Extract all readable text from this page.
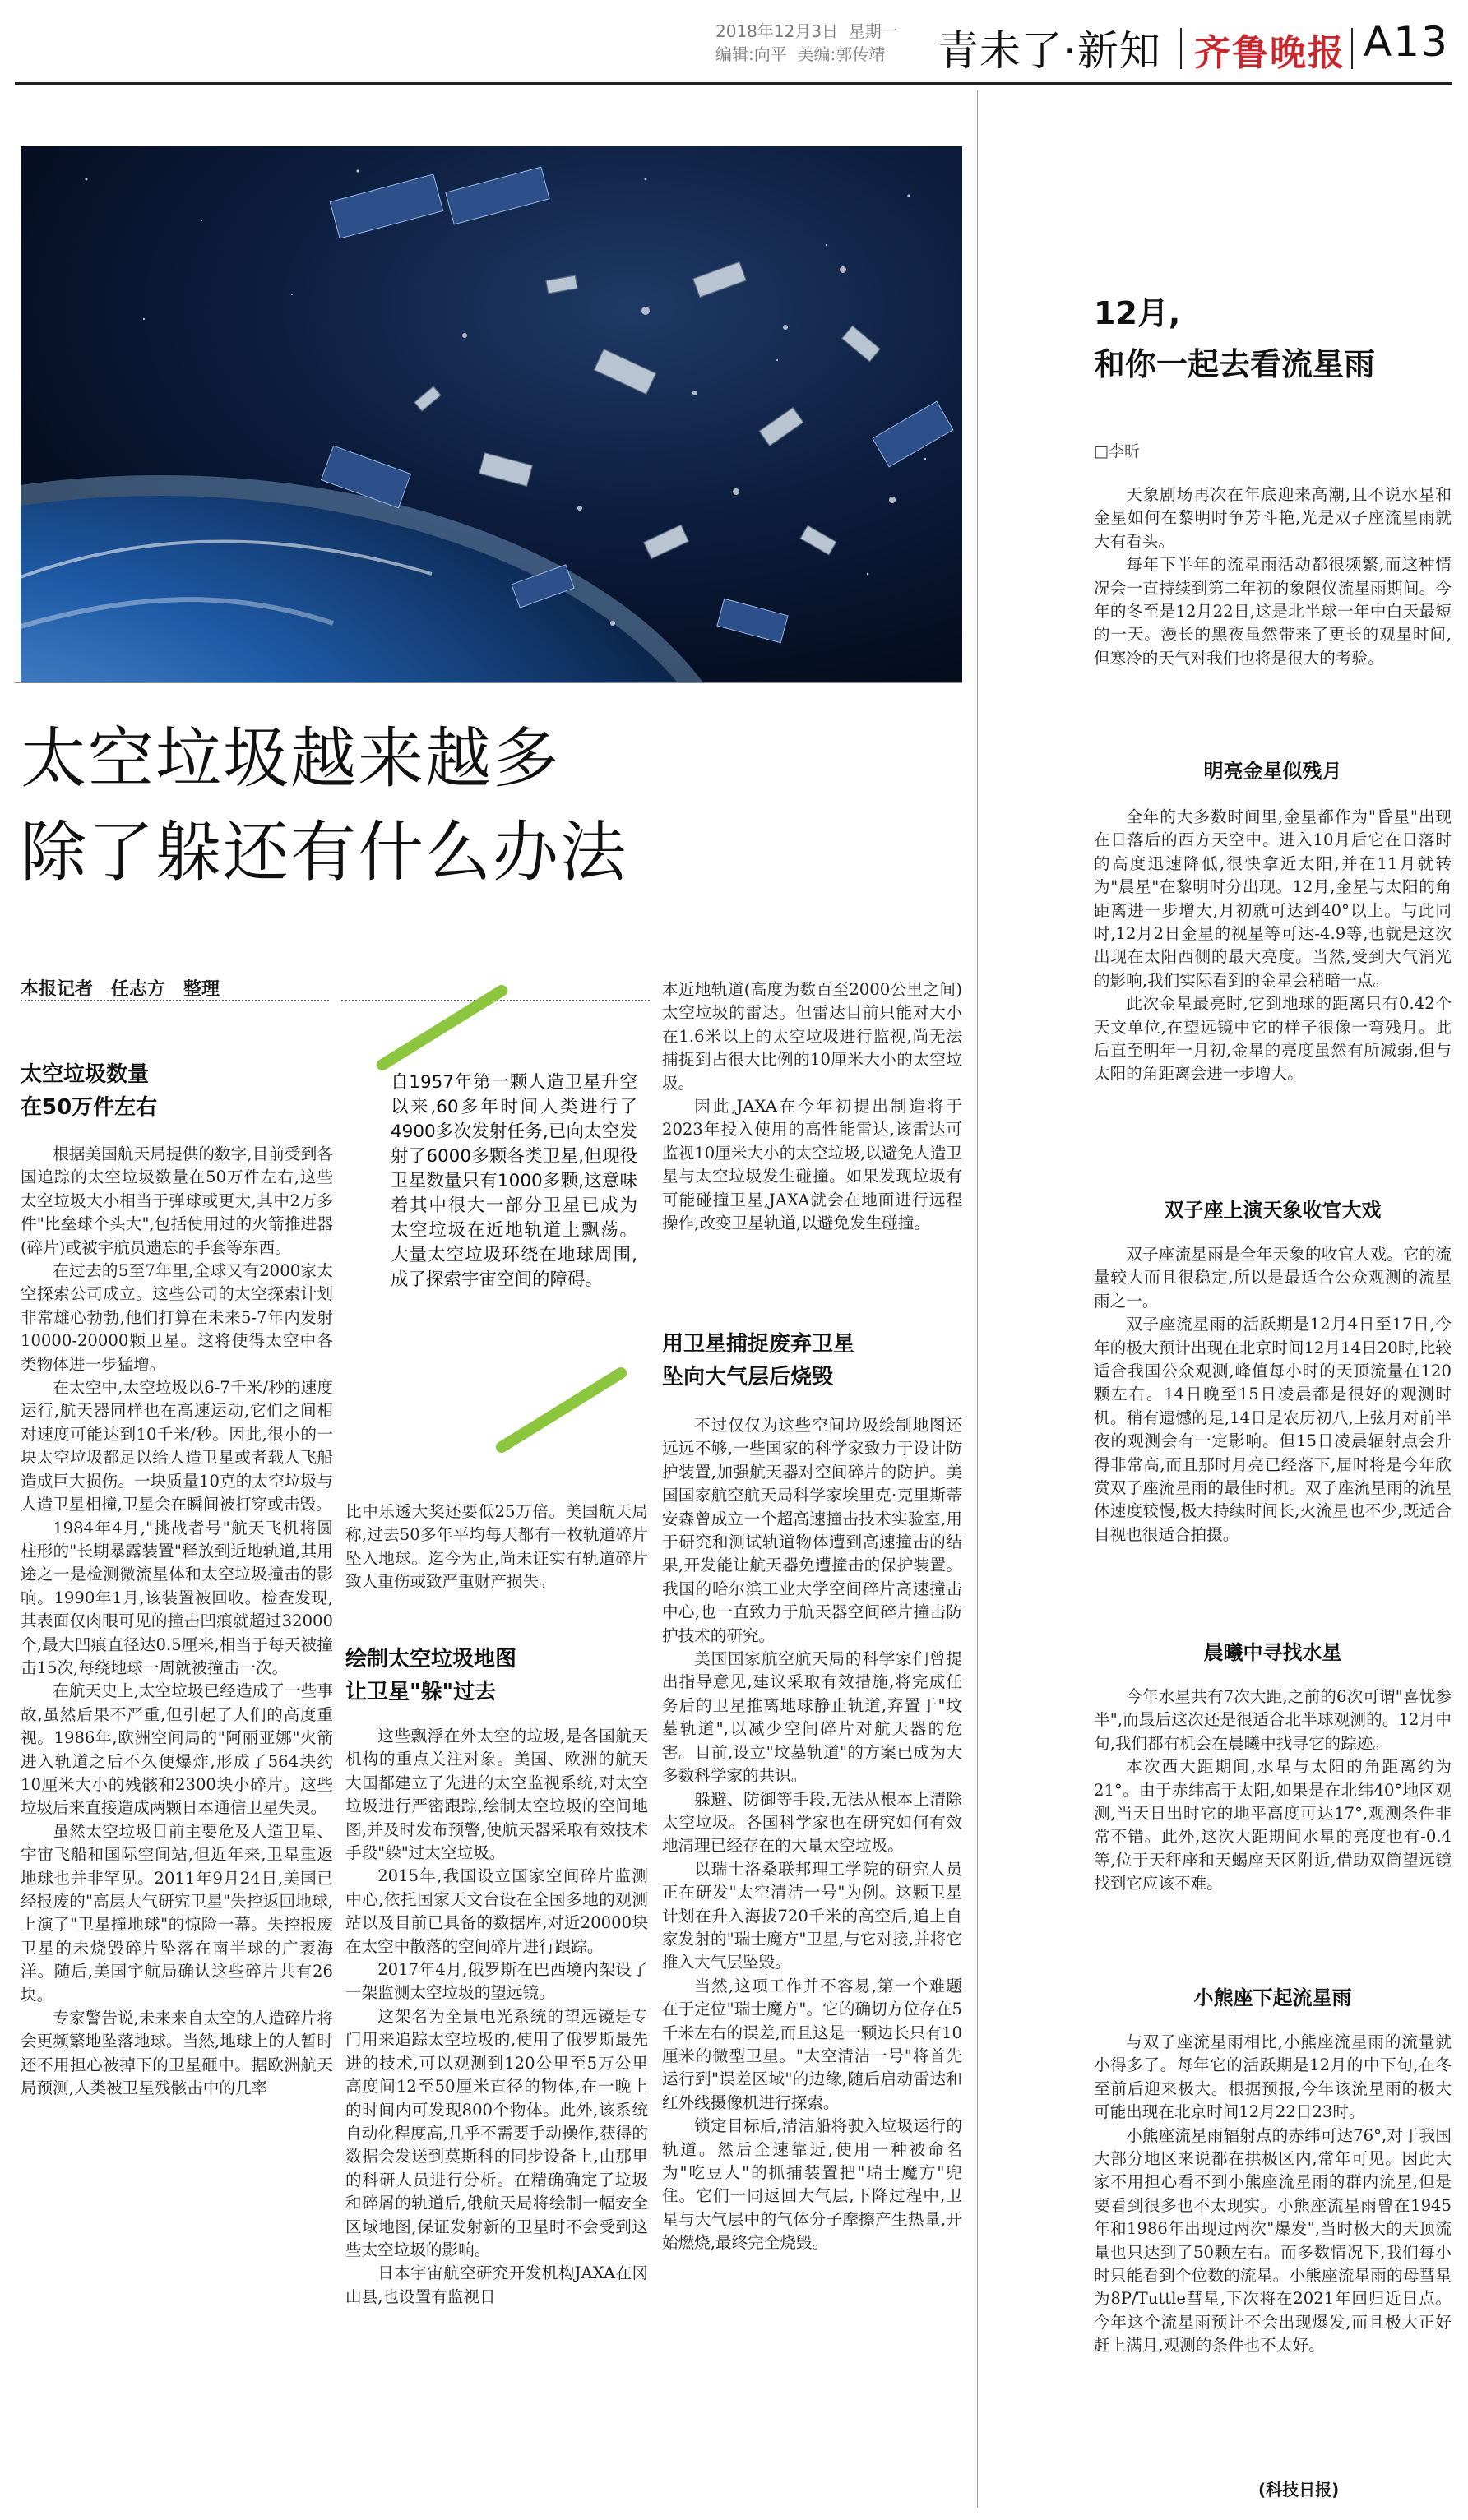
2018年12月3日 星期一
编辑:向平 美编:郭传靖 青未了·新知 齐鲁晚报 A13
太空垃圾越来越多
除了躲还有什么办法
本报记者　任志方　整理
太空垃圾数量
在50万件左右

根据美国航天局提供的数字,目前受到各国追踪的太空垃圾数量在50万件左右,这些太空垃圾大小相当于弹球或更大,其中2万多件"比垒球个头大",包括使用过的火箭推进器(碎片)或被宇航员遗忘的手套等东西。

在过去的5至7年里,全球又有2000家太空探索公司成立。这些公司的太空探索计划非常雄心勃勃,他们打算在未来5-7年内发射10000-20000颗卫星。这将使得太空中各类物体进一步猛增。

在太空中,太空垃圾以6-7千米/秒的速度运行,航天器同样也在高速运动,它们之间相对速度可能达到10千米/秒。因此,很小的一块太空垃圾都足以给人造卫星或者载人飞船造成巨大损伤。一块质量10克的太空垃圾与人造卫星相撞,卫星会在瞬间被打穿或击毁。

1984年4月,"挑战者号"航天飞机将圆柱形的"长期暴露装置"释放到近地轨道,其用途之一是检测微流星体和太空垃圾撞击的影响。1990年1月,该装置被回收。检查发现,其表面仅肉眼可见的撞击凹痕就超过32000个,最大凹痕直径达0.5厘米,相当于每天被撞击15次,每绕地球一周就被撞击一次。

在航天史上,太空垃圾已经造成了一些事故,虽然后果不严重,但引起了人们的高度重视。1986年,欧洲空间局的"阿丽亚娜"火箭进入轨道之后不久便爆炸,形成了564块约10厘米大小的残骸和2300块小碎片。这些垃圾后来直接造成两颗日本通信卫星失灵。

虽然太空垃圾目前主要危及人造卫星、宇宙飞船和国际空间站,但近年来,卫星重返地球也并非罕见。2011年9月24日,美国已经报废的"高层大气研究卫星"失控返回地球,上演了"卫星撞地球"的惊险一幕。失控报废卫星的未烧毁碎片坠落在南半球的广袤海洋。随后,美国宇航局确认这些碎片共有26块。

专家警告说,未来来自太空的人造碎片将会更频繁地坠落地球。当然,地球上的人暂时还不用担心被掉下的卫星砸中。据欧洲航天局预测,人类被卫星残骸击中的几率

自1957年第一颗人造卫星升空以来,60多年时间人类进行了4900多次发射任务,已向太空发射了6000多颗各类卫星,但现役卫星数量只有1000多颗,这意味着其中很大一部分卫星已成为太空垃圾在近地轨道上飘荡。大量太空垃圾环绕在地球周围,成了探索宇宙空间的障碍。

比中乐透大奖还要低25万倍。美国航天局称,过去50多年平均每天都有一枚轨道碎片坠入地球。迄今为止,尚未证实有轨道碎片致人重伤或致严重财产损失。

绘制太空垃圾地图
让卫星"躲"过去

这些飘浮在外太空的垃圾,是各国航天机构的重点关注对象。美国、欧洲的航天大国都建立了先进的太空监视系统,对太空垃圾进行严密跟踪,绘制太空垃圾的空间地图,并及时发布预警,使航天器采取有效技术手段"躲"过太空垃圾。

2015年,我国设立国家空间碎片监测中心,依托国家天文台设在全国多地的观测站以及目前已具备的数据库,对近20000块在太空中散落的空间碎片进行跟踪。

2017年4月,俄罗斯在巴西境内架设了一架监测太空垃圾的望远镜。

这架名为全景电光系统的望远镜是专门用来追踪太空垃圾的,使用了俄罗斯最先进的技术,可以观测到120公里至5万公里高度间12至50厘米直径的物体,在一晚上的时间内可发现800个物体。此外,该系统自动化程度高,几乎不需要手动操作,获得的数据会发送到莫斯科的同步设备上,由那里的科研人员进行分析。在精确确定了垃圾和碎屑的轨道后,俄航天局将绘制一幅安全区域地图,保证发射新的卫星时不会受到这些太空垃圾的影响。

日本宇宙航空研究开发机构JAXA在冈山县,也设置有监视日

本近地轨道(高度为数百至2000公里之间)太空垃圾的雷达。但雷达目前只能对大小在1.6米以上的太空垃圾进行监视,尚无法捕捉到占很大比例的10厘米大小的太空垃圾。

因此,JAXA在今年初提出制造将于2023年投入使用的高性能雷达,该雷达可监视10厘米大小的太空垃圾,以避免人造卫星与太空垃圾发生碰撞。如果发现垃圾有可能碰撞卫星,JAXA就会在地面进行远程操作,改变卫星轨道,以避免发生碰撞。

用卫星捕捉废弃卫星
坠向大气层后烧毁

不过仅仅为这些空间垃圾绘制地图还远远不够,一些国家的科学家致力于设计防护装置,加强航天器对空间碎片的防护。美国国家航空航天局科学家埃里克·克里斯蒂安森曾成立一个超高速撞击技术实验室,用于研究和测试轨道物体遭到高速撞击的结果,开发能让航天器免遭撞击的保护装置。我国的哈尔滨工业大学空间碎片高速撞击中心,也一直致力于航天器空间碎片撞击防护技术的研究。

美国国家航空航天局的科学家们曾提出指导意见,建议采取有效措施,将完成任务后的卫星推离地球静止轨道,弃置于"坟墓轨道",以减少空间碎片对航天器的危害。目前,设立"坟墓轨道"的方案已成为大多数科学家的共识。

躲避、防御等手段,无法从根本上清除太空垃圾。各国科学家也在研究如何有效地清理已经存在的大量太空垃圾。

以瑞士洛桑联邦理工学院的研究人员正在研发"太空清洁一号"为例。这颗卫星计划在升入海拔720千米的高空后,追上自家发射的"瑞士魔方"卫星,与它对接,并将它推入大气层坠毁。

当然,这项工作并不容易,第一个难题在于定位"瑞士魔方"。它的确切方位存在5千米左右的误差,而且这是一颗边长只有10厘米的微型卫星。"太空清洁一号"将首先运行到"误差区域"的边缘,随后启动雷达和红外线摄像机进行探索。

锁定目标后,清洁船将驶入垃圾运行的轨道。然后全速靠近,使用一种被命名为"吃豆人"的抓捕装置把"瑞士魔方"兜住。它们一同返回大气层,下降过程中,卫星与大气层中的气体分子摩擦产生热量,开始燃烧,最终完全烧毁。

12月,
和你一起去看流星雨
□李昕

天象剧场再次在年底迎来高潮,且不说水星和金星如何在黎明时争芳斗艳,光是双子座流星雨就大有看头。

每年下半年的流星雨活动都很频繁,而这种情况会一直持续到第二年初的象限仪流星雨期间。今年的冬至是12月22日,这是北半球一年中白天最短的一天。漫长的黑夜虽然带来了更长的观星时间,但寒冷的天气对我们也将是很大的考验。

明亮金星似残月

全年的大多数时间里,金星都作为"昏星"出现在日落后的西方天空中。进入10月后它在日落时的高度迅速降低,很快拿近太阳,并在11月就转为"晨星"在黎明时分出现。12月,金星与太阳的角距离进一步增大,月初就可达到40°以上。与此同时,12月2日金星的视星等可达-4.9等,也就是这次出现在太阳西侧的最大亮度。当然,受到大气消光的影响,我们实际看到的金星会稍暗一点。

此次金星最亮时,它到地球的距离只有0.42个天文单位,在望远镜中它的样子很像一弯残月。此后直至明年一月初,金星的亮度虽然有所减弱,但与太阳的角距离会进一步增大。

双子座上演天象收官大戏

双子座流星雨是全年天象的收官大戏。它的流量较大而且很稳定,所以是最适合公众观测的流星雨之一。

双子座流星雨的活跃期是12月4日至17日,今年的极大预计出现在北京时间12月14日20时,比较适合我国公众观测,峰值每小时的天顶流量在120颗左右。14日晚至15日凌晨都是很好的观测时机。稍有遗憾的是,14日是农历初八,上弦月对前半夜的观测会有一定影响。但15日凌晨辐射点会升得非常高,而且那时月亮已经落下,届时将是今年欣赏双子座流星雨的最佳时机。双子座流星雨的流星体速度较慢,极大持续时间长,火流星也不少,既适合目视也很适合拍摄。

晨曦中寻找水星

今年水星共有7次大距,之前的6次可谓"喜忧参半",而最后这次还是很适合北半球观测的。12月中旬,我们都有机会在晨曦中找寻它的踪迹。

本次西大距期间,水星与太阳的角距离约为21°。由于赤纬高于太阳,如果是在北纬40°地区观测,当天日出时它的地平高度可达17°,观测条件非常不错。此外,这次大距期间水星的亮度也有-0.4等,位于天秤座和天蝎座天区附近,借助双筒望远镜找到它应该不难。

小熊座下起流星雨

与双子座流星雨相比,小熊座流星雨的流量就小得多了。每年它的活跃期是12月的中下旬,在冬至前后迎来极大。根据预报,今年该流星雨的极大可能出现在北京时间12月22日23时。

小熊座流星雨辐射点的赤纬可达76°,对于我国大部分地区来说都在拱极区内,常年可见。因此大家不用担心看不到小熊座流星雨的群内流星,但是要看到很多也不太现实。小熊座流星雨曾在1945年和1986年出现过两次"爆发",当时极大的天顶流量也只达到了50颗左右。而多数情况下,我们每小时只能看到个位数的流星。小熊座流星雨的母彗星为8P/Tuttle彗星,下次将在2021年回归近日点。今年这个流星雨预计不会出现爆发,而且极大正好赶上满月,观测的条件也不太好。

(科技日报)
